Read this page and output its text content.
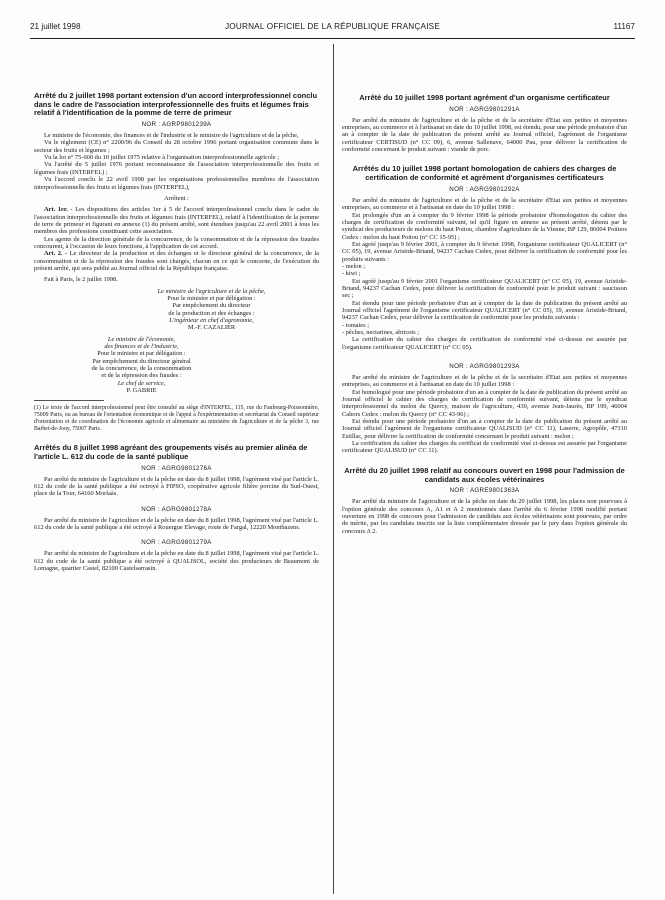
21 juillet 1998	JOURNAL OFFICIEL DE LA RÉPUBLIQUE FRANÇAISE	11167
Arrêté du 2 juillet 1998 portant extension d'un accord interprofessionnel conclu dans le cadre de l'association interprofessionnelle des fruits et légumes frais relatif à l'identification de la pomme de terre de primeur
NOR : AGRP9801239A

Le ministre de l'économie, des finances et de l'industrie et le ministre de l'agriculture et de la pêche,

Vu le règlement (CE) n° 2200/96 du Conseil du 28 octobre 1996 portant organisation commune dans le secteur des fruits et légumes ;

Vu la loi n° 75-600 du 10 juillet 1975 relative à l'organisation interprofessionnelle agricole ;

Vu l'arrêté du 5 juillet 1976 portant reconnaissance de l'association interprofessionnelle des fruits et légumes frais (INTERFEL) ;

Vu l'accord conclu le 22 avril 1998 par les organisations professionnelles membres de l'association interprofessionnelle des fruits et légumes frais (INTERFEL),

Arrêtent :

Art. 1er. - Les dispositions des articles 1er à 5 de l'accord interprofessionnel conclu dans le cadre de l'association interprofessionnelle des fruits et légumes frais (INTERFEL), relatif à l'identification de la pomme de terre de primeur et figurant en annexe (1) du présent arrêté, sont étendues jusqu'au 22 avril 2001 à tous les membres des professions constituant cette association.

Les agents de la direction générale de la concurrence, de la consommation et de la répression des fraudes concourent, à l'occasion de leurs fonctions, à l'application de cet accord.

Art. 2. - Le directeur de la production et des échanges et le directeur général de la concurrence, de la consommation et de la répression des fraudes sont chargés, chacun en ce qui le concerne, de l'exécution du présent arrêté, qui sera publié au Journal officiel de la République française.

Fait à Paris, le 2 juillet 1998.

Le ministre de l'agriculture et de la pêche,
Pour le ministre et par délégation :
Par empêchement du directeur
de la production et des échanges :
L'ingénieur en chef d'agronomie,
M.-F. CAZALIER
Le ministre de l'économie,
des finances et de l'industrie,
Pour le ministre et par délégation :
Par empêchement du directeur général
de la concurrence, de la consommation
et de la répression des fraudes :
Le chef de service,
P. GABRIE
(1) Le texte de l'accord interprofessionnel peut être consulté au siège d'INTERFEL, 115, rue du Faubourg-Poissonnière, 75009 Paris, ou au bureau de l'orientation économique et de l'appui à l'expérimentation et secrétariat du Conseil supérieur d'orientation et de coordination de l'économie agricole et alimentaire au ministère de l'agriculture et de la pêche 3, rue Barbet-de-Jouy, 75007 Paris.
Arrêtés du 8 juillet 1998 agréant des groupements visés au premier alinéa de l'article L. 612 du code de la santé publique
NOR : AGRG9801276A

Par arrêté du ministre de l'agriculture et de la pêche en date du 8 juillet 1998, l'agrément visé par l'article L. 612 du code de la santé publique a été octroyé à FIPSO, coopérative agricole filière porcine du Sud-Ouest, place de la Tour, 64160 Morlaàs.

NOR : AGRG9801278A

Par arrêté du ministre de l'agriculture et de la pêche en date du 8 juillet 1998, l'agrément visé par l'article L. 612 du code de la santé publique a été octroyé à Rouergue Elevage, route de Fargal, 12220 Montbazens.

NOR : AGRG9801279A

Par arrêté du ministre de l'agriculture et de la pêche en date du 8 juillet 1998, l'agrément visé par l'article L. 612 du code de la santé publique a été octroyé à QUALISOL, société des producteurs de Beaumont de Lomagne, quartier Castel, 82100 Castelsarrasin.

Arrêté du 10 juillet 1998 portant agrément d'un organisme certificateur
NOR : AGRG9801291A

Par arrêté du ministre de l'agriculture et de la pêche et de la secrétaire d'Etat aux petites et moyennes entreprises, au commerce et à l'artisanat en date du 10 juillet 1998, est étendu, pour une période probatoire d'un an à compter de la date de publication du présent arrêté au Journal officiel, l'agrément de l'organisme certificateur CERTISUD (n° CC 09), 6, avenue Sallenave, 64000 Pau, pour délivrer la certification de conformité concernant le produit suivant : viande de porc.

Arrêtés du 10 juillet 1998 portant homologation de cahiers des charges de certification de conformité et agrément d'organismes certificateurs
NOR : AGRG9801292A

Par arrêté du ministre de l'agriculture et de la pêche et de la secrétaire d'Etat aux petites et moyennes entreprises, au commerce et à l'artisanat en date du 10 juillet 1998 :

Est prolongée d'un an à compter du 9 février 1998 la période probatoire d'homologation du cahier des charges de certification de conformité suivant, tel qu'il figure en annexe au présent arrêté, détenu par le syndicat des producteurs de melons du haut Poitou, chambre d'agriculture de la Vienne, BP 129, 86004 Poitiers Cedex : melon du haut Poitou (n° CC 15-95) ;

Est agréé jusqu'au 9 février 2001, à compter du 9 février 1998, l'organisme certificateur QUALICERT (n° CC 05), 19, avenue Aristide-Briand, 94237 Cachan Cedex, pour délivrer la certification de conformité pour les produits suivants :

- melon ;

- kiwi ;

Est agréé jusqu'au 9 février 2001 l'organisme certificateur QUALICERT (n° CC 05), 19, avenue Aristide-Briand, 94237 Cachan Cedex, pour délivrer la certification de conformité pour le produit suivant : saucisson sec ;

Est étendu pour une période probatoire d'un an à compter de la date de publication du présent arrêté au Journal officiel l'agrément de l'organisme certificateur QUALICERT (n° CC 05), 19, avenue Aristide-Briand, 94237 Cachan Cedex, pour délivrer la certification de conformité pour les produits suivants :

- tomates ;

- pêches, nectarines, abricots ;

La certification du cahier des charges de certification de conformité visé ci-dessus est assurée par l'organisme certificateur QUALICERT (n° CC 05).

NOR : AGRG9801293A

Par arrêté du ministre de l'agriculture et de la pêche et de la secrétaire d'Etat aux petites et moyennes entreprises, au commerce et à l'artisanat en date du 10 juillet 1998 :

Est homologué pour une période probatoire d'un an à compter de la date de publication du présent arrêté au Journal officiel le cahier des charges de certification de conformité suivant, détenu par le syndicat interprofessionnel du melon du Quercy, maison de l'agriculture, 430, avenue Jean-Jaurès, BP 199, 46004 Cahors Cedex : melon du Quercy (n° CC 43-96) ;

Est étendu pour une période probatoire d'un an à compter de la date de publication du présent arrêté au Journal officiel l'agrément de l'organisme certificateur QUALISUD (n° CC 11), Laserre, Agropôle, 47310 Estillac, pour délivrer la certification de conformité concernant le produit suivant : melon ;

La certification du cahier des charges du certificat de conformité visé ci-dessus est assurée par l'organisme certificateur QUALISUD (n° CC 11).

Arrêté du 20 juillet 1998 relatif au concours ouvert en 1998 pour l'admission de candidats aux écoles vétérinaires
NOR : AGRE9801363A

Par arrêté du ministre de l'agriculture et de la pêche en date du 20 juillet 1998, les places non pourvues à l'option générale des concours A, A1 et A 2 mentionnés dans l'arrêté du 6 février 1998 modifié portant ouverture en 1998 de concours pour l'admission de candidats aux écoles vétérinaires sont pourvues, par ordre de mérite, par les candidats inscrits sur la liste complémentaire dressée par le jury dans l'option générale du concours A 2.
